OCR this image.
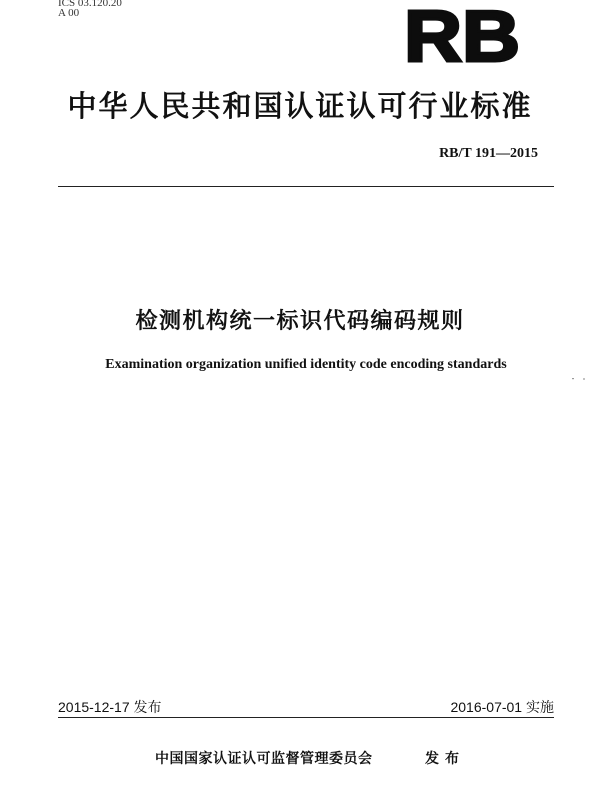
ICS 03.120.20
A 00	RB
中华人民共和国认证认可行业标准
RB/T 191—2015
检测机构统一标识代码编码规则
Examination organization unified identity code encoding standards
2015-12-17 发布	2016-07-01 实施
中国国家认证认可监督管理委员会	发布
